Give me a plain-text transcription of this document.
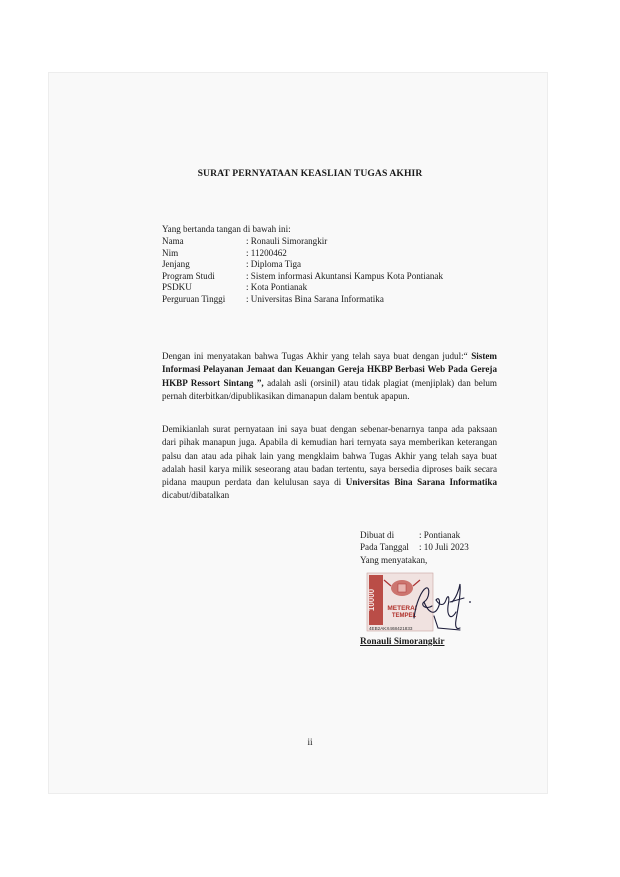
SURAT PERNYATAAN KEASLIAN TUGAS AKHIR
Yang bertanda tangan di bawah ini:
Nama	: Ronauli Simorangkir
Nim	: 11200462
Jenjang	: Diploma Tiga
Program Studi	: Sistem informasi Akuntansi Kampus Kota Pontianak
PSDKU	: Kota Pontianak
Perguruan Tinggi	: Universitas Bina Sarana Informatika
Dengan ini menyatakan bahwa Tugas Akhir yang telah saya buat dengan judul:“ Sistem Informasi Pelayanan Jemaat dan Keuangan Gereja HKBP Berbasi Web Pada Gereja HKBP Ressort Sintang ”, adalah asli (orsinil) atau tidak plagiat (menjiplak) dan belum pernah diterbitkan/dipublikasikan dimanapun dalam bentuk apapun.
Demikianlah surat pernyataan ini saya buat dengan sebenar-benarnya tanpa ada paksaan dari pihak manapun juga. Apabila di kemudian hari ternyata saya memberikan keterangan palsu dan atau ada pihak lain yang mengklaim bahwa Tugas Akhir yang telah saya buat adalah hasil karya milik seseorang atau badan tertentu, saya bersedia diproses baik secara pidana maupun perdata dan kelulusan saya di Universitas Bina Sarana Informatika dicabut/dibatalkan
Dibuat di	: Pontianak
Pada Tanggal	: 10 Juli 2023
Yang menyatakan,
10000 METERAI
TEMPEL
4EB2AKX468421833
Ronauli Simorangkir
ii
